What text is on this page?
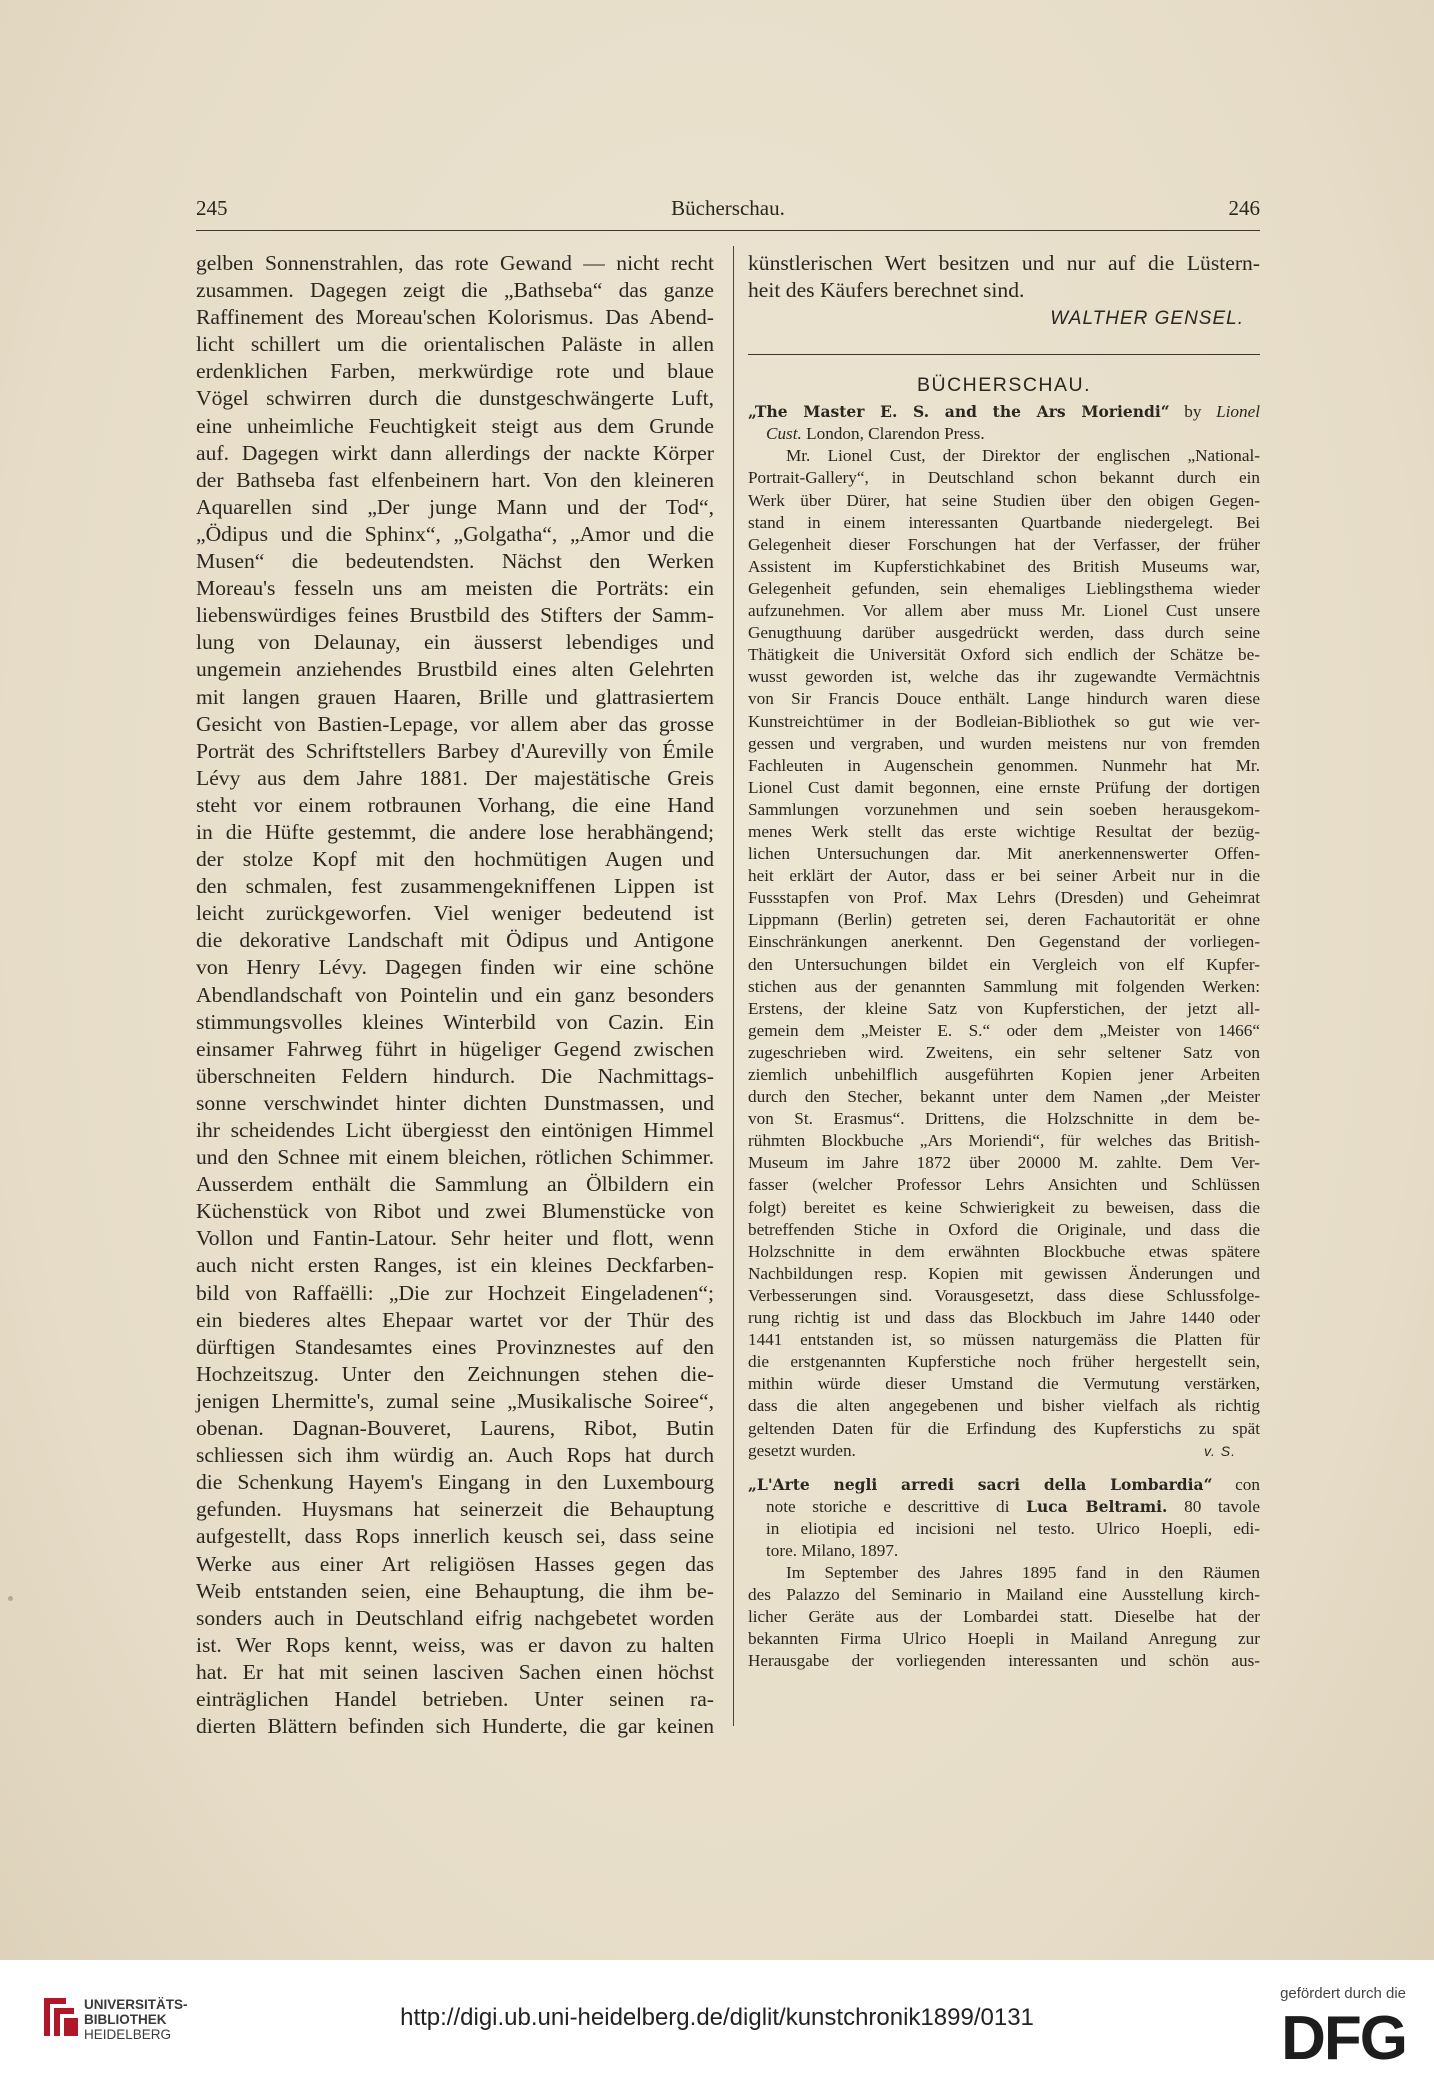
245	Bücherschau.	246
gelben Sonnenstrahlen, das rote Gewand — nicht recht
zusammen. Dagegen zeigt die „Bathseba“ das ganze
Raffinement des Moreau'schen Kolorismus. Das Abend-
licht schillert um die orientalischen Paläste in allen
erdenklichen Farben, merkwürdige rote und blaue
Vögel schwirren durch die dunstgeschwängerte Luft,
eine unheimliche Feuchtigkeit steigt aus dem Grunde
auf. Dagegen wirkt dann allerdings der nackte Körper
der Bathseba fast elfenbeinern hart. Von den kleineren
Aquarellen sind „Der junge Mann und der Tod“,
„Ödipus und die Sphinx“, „Golgatha“, „Amor und die
Musen“ die bedeutendsten. Nächst den Werken
Moreau's fesseln uns am meisten die Porträts: ein
liebenswürdiges feines Brustbild des Stifters der Samm-
lung von Delaunay, ein äusserst lebendiges und
ungemein anziehendes Brustbild eines alten Gelehrten
mit langen grauen Haaren, Brille und glattrasiertem
Gesicht von Bastien-Lepage, vor allem aber das grosse
Porträt des Schriftstellers Barbey d'Aurevilly von Émile
Lévy aus dem Jahre 1881. Der majestätische Greis
steht vor einem rotbraunen Vorhang, die eine Hand
in die Hüfte gestemmt, die andere lose herabhängend;
der stolze Kopf mit den hochmütigen Augen und
den schmalen, fest zusammengekniffenen Lippen ist
leicht zurückgeworfen. Viel weniger bedeutend ist
die dekorative Landschaft mit Ödipus und Antigone
von Henry Lévy. Dagegen finden wir eine schöne
Abendlandschaft von Pointelin und ein ganz besonders
stimmungsvolles kleines Winterbild von Cazin. Ein
einsamer Fahrweg führt in hügeliger Gegend zwischen
überschneiten Feldern hindurch. Die Nachmittags-
sonne verschwindet hinter dichten Dunstmassen, und
ihr scheidendes Licht übergiesst den eintönigen Himmel
und den Schnee mit einem bleichen, rötlichen Schimmer.
Ausserdem enthält die Sammlung an Ölbildern ein
Küchenstück von Ribot und zwei Blumenstücke von
Vollon und Fantin-Latour. Sehr heiter und flott, wenn
auch nicht ersten Ranges, ist ein kleines Deckfarben-
bild von Raffaëlli: „Die zur Hochzeit Eingeladenen“;
ein biederes altes Ehepaar wartet vor der Thür des
dürftigen Standesamtes eines Provinznestes auf den
Hochzeitszug. Unter den Zeichnungen stehen die-
jenigen Lhermitte's, zumal seine „Musikalische Soiree“,
obenan. Dagnan-Bouveret, Laurens, Ribot, Butin
schliessen sich ihm würdig an. Auch Rops hat durch
die Schenkung Hayem's Eingang in den Luxembourg
gefunden. Huysmans hat seinerzeit die Behauptung
aufgestellt, dass Rops innerlich keusch sei, dass seine
Werke aus einer Art religiösen Hasses gegen das
Weib entstanden seien, eine Behauptung, die ihm be-
sonders auch in Deutschland eifrig nachgebetet worden
ist. Wer Rops kennt, weiss, was er davon zu halten
hat. Er hat mit seinen lasciven Sachen einen höchst
einträglichen Handel betrieben. Unter seinen ra-
dierten Blättern befinden sich Hunderte, die gar keinen
künstlerischen Wert besitzen und nur auf die Lüstern-
heit des Käufers berechnet sind.
WALTHER GENSEL.
BÜCHERSCHAU.
„The Master E. S. and the Ars Moriendi“ by Lionel
Cust. London, Clarendon Press.
Mr. Lionel Cust, der Direktor der englischen „National-
Portrait-Gallery“, in Deutschland schon bekannt durch ein
Werk über Dürer, hat seine Studien über den obigen Gegen-
stand in einem interessanten Quartbande niedergelegt. Bei
Gelegenheit dieser Forschungen hat der Verfasser, der früher
Assistent im Kupferstichkabinet des British Museums war,
Gelegenheit gefunden, sein ehemaliges Lieblingsthema wieder
aufzunehmen. Vor allem aber muss Mr. Lionel Cust unsere
Genugthuung darüber ausgedrückt werden, dass durch seine
Thätigkeit die Universität Oxford sich endlich der Schätze be-
wusst geworden ist, welche das ihr zugewandte Vermächtnis
von Sir Francis Douce enthält. Lange hindurch waren diese
Kunstreichtümer in der Bodleian-Bibliothek so gut wie ver-
gessen und vergraben, und wurden meistens nur von fremden
Fachleuten in Augenschein genommen. Nunmehr hat Mr.
Lionel Cust damit begonnen, eine ernste Prüfung der dortigen
Sammlungen vorzunehmen und sein soeben herausgekom-
menes Werk stellt das erste wichtige Resultat der bezüg-
lichen Untersuchungen dar. Mit anerkennenswerter Offen-
heit erklärt der Autor, dass er bei seiner Arbeit nur in die
Fussstapfen von Prof. Max Lehrs (Dresden) und Geheimrat
Lippmann (Berlin) getreten sei, deren Fachautorität er ohne
Einschränkungen anerkennt. Den Gegenstand der vorliegen-
den Untersuchungen bildet ein Vergleich von elf Kupfer-
stichen aus der genannten Sammlung mit folgenden Werken:
Erstens, der kleine Satz von Kupferstichen, der jetzt all-
gemein dem „Meister E. S.“ oder dem „Meister von 1466“
zugeschrieben wird. Zweitens, ein sehr seltener Satz von
ziemlich unbehilflich ausgeführten Kopien jener Arbeiten
durch den Stecher, bekannt unter dem Namen „der Meister
von St. Erasmus“. Drittens, die Holzschnitte in dem be-
rühmten Blockbuche „Ars Moriendi“, für welches das British-
Museum im Jahre 1872 über 20000 M. zahlte. Dem Ver-
fasser (welcher Professor Lehrs Ansichten und Schlüssen
folgt) bereitet es keine Schwierigkeit zu beweisen, dass die
betreffenden Stiche in Oxford die Originale, und dass die
Holzschnitte in dem erwähnten Blockbuche etwas spätere
Nachbildungen resp. Kopien mit gewissen Änderungen und
Verbesserungen sind. Vorausgesetzt, dass diese Schlussfolge-
rung richtig ist und dass das Blockbuch im Jahre 1440 oder
1441 entstanden ist, so müssen naturgemäss die Platten für
die erstgenannten Kupferstiche noch früher hergestellt sein,
mithin würde dieser Umstand die Vermutung verstärken,
dass die alten angegebenen und bisher vielfach als richtig
geltenden Daten für die Erfindung des Kupferstichs zu spät
gesetzt wurden.	v. S.
„L'Arte negli arredi sacri della Lombardia“ con
note storiche e descrittive di Luca Beltrami. 80 tavole
in eliotipia ed incisioni nel testo. Ulrico Hoepli, edi-
tore. Milano, 1897.
Im September des Jahres 1895 fand in den Räumen
des Palazzo del Seminario in Mailand eine Ausstellung kirch-
licher Geräte aus der Lombardei statt. Dieselbe hat der
bekannten Firma Ulrico Hoepli in Mailand Anregung zur
Herausgabe der vorliegenden interessanten und schön aus-
UNIVERSITÄTS-
BIBLIOTHEK
HEIDELBERG
http://digi.ub.uni-heidelberg.de/diglit/kunstchronik1899/0131
gefördert durch die
DFG
